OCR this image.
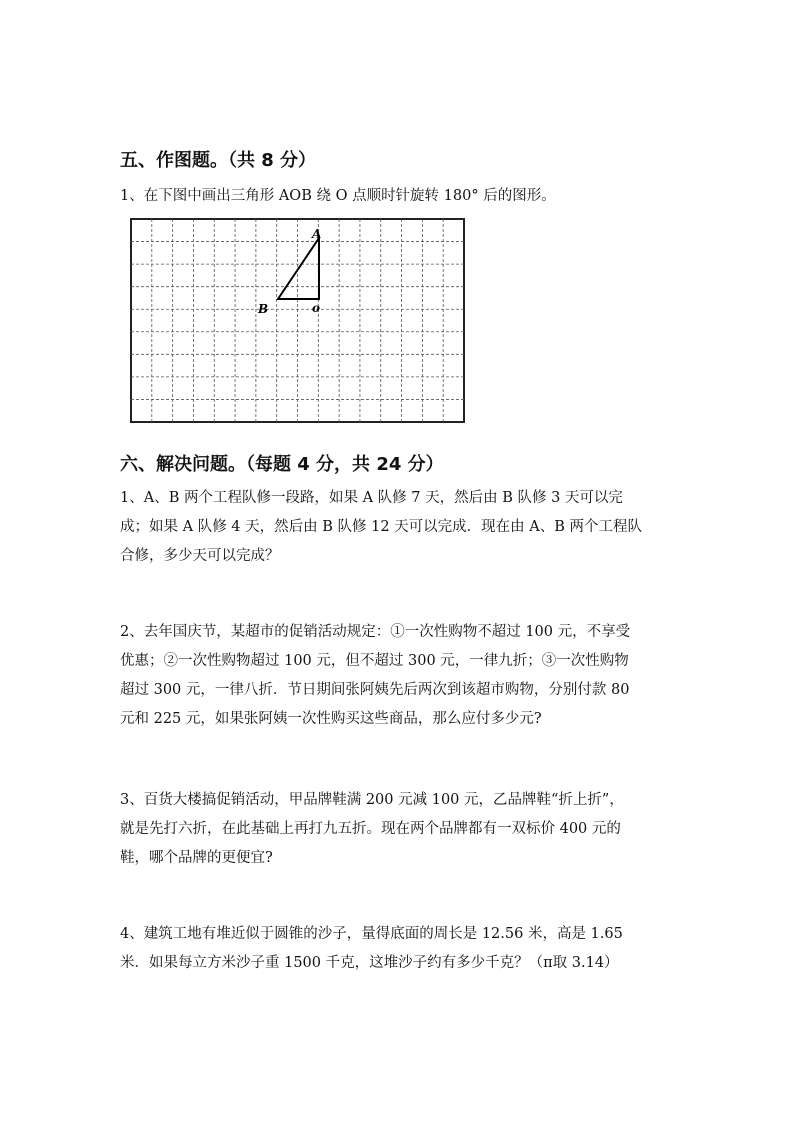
五、作图题。（共 8 分）

1、在下图中画出三角形 AOB 绕 O 点顺时针旋转 180° 后的图形。

A
B	o
六、解决问题。（每题 4 分，共 24 分）

1、A、B 两个工程队修一段路，如果 A 队修 7 天，然后由 B 队修 3 天可以完
成；如果 A 队修 4 天，然后由 B 队修 12 天可以完成．现在由 A、B 两个工程队
合修，多少天可以完成？

2、去年国庆节，某超市的促销活动规定：①一次性购物不超过 100 元，不享受
优惠；②一次性购物超过 100 元，但不超过 300 元，一律九折；③一次性购物
超过 300 元，一律八折．节日期间张阿姨先后两次到该超市购物，分别付款 80
元和 225 元，如果张阿姨一次性购买这些商品，那么应付多少元?

3、百货大楼搞促销活动，甲品牌鞋满 200 元减 100 元，乙品牌鞋“折上折”，
就是先打六折，在此基础上再打九五折。现在两个品牌都有一双标价 400 元的
鞋，哪个品牌的更便宜?

4、建筑工地有堆近似于圆锥的沙子，量得底面的周长是 12.56 米，高是 1.65
米．如果每立方米沙子重 1500 千克，这堆沙子约有多少千克？（π取 3.14）
